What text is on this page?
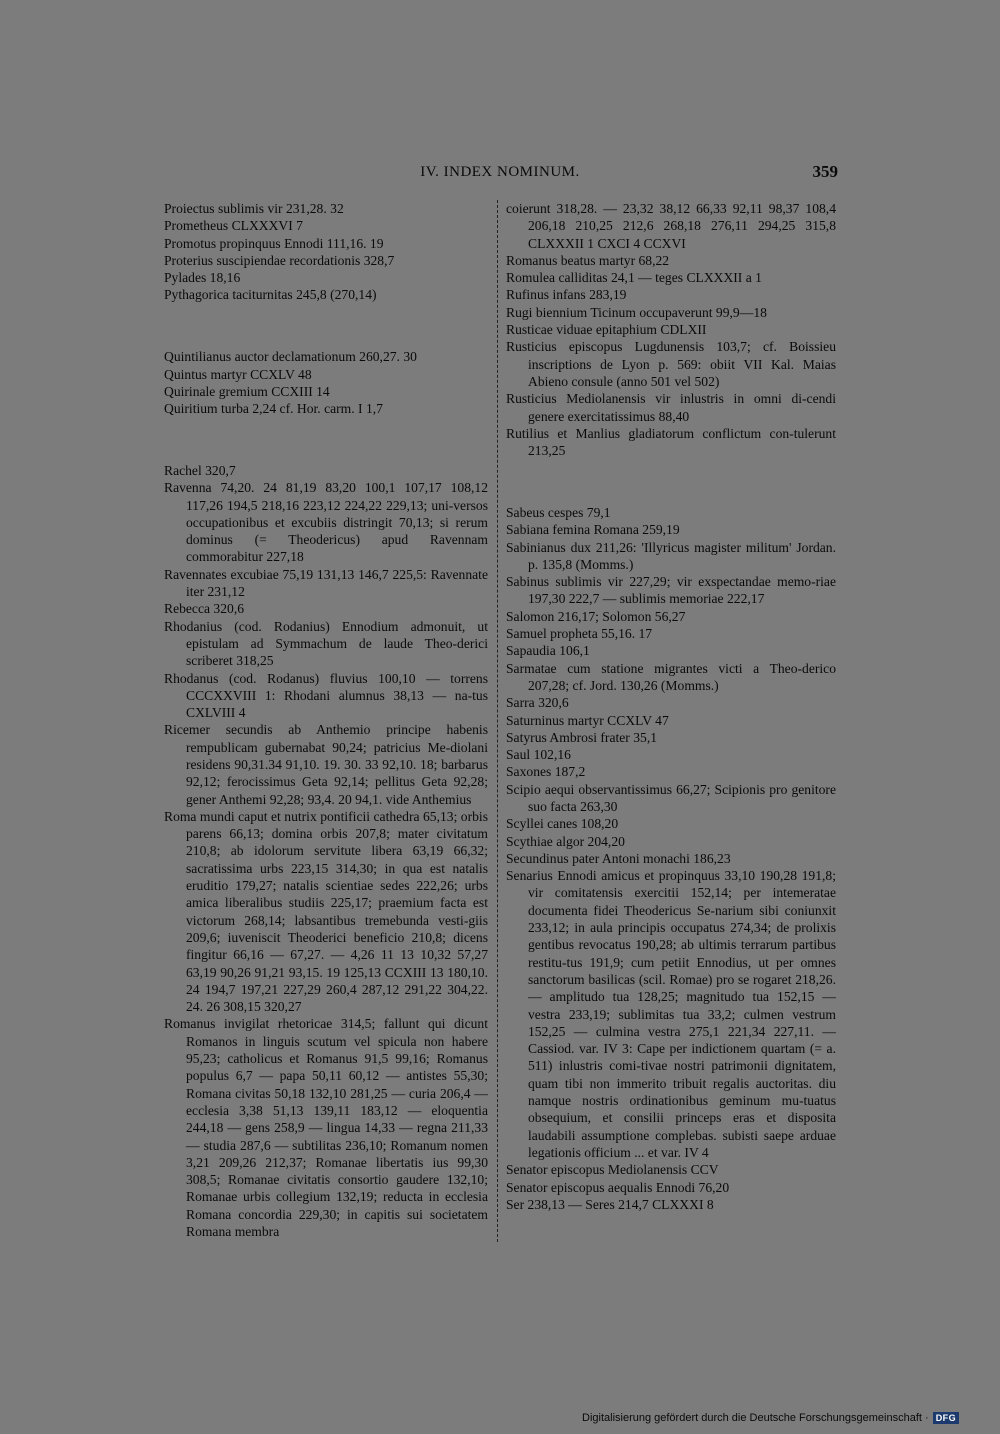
IV. INDEX NOMINUM.	359

Proiectus sublimis vir 231,28. 32

Prometheus CLXXXVI 7

Promotus propinquus Ennodi 111,16. 19

Proterius suscipiendae recordationis 328,7

Pylades 18,16

Pythagorica taciturnitas 245,8 (270,14)

Quintilianus auctor declamationum 260,27. 30

Quintus martyr CCXLV 48

Quirinale gremium CCXIII 14

Quiritium turba 2,24 cf. Hor. carm. I 1,7

Rachel 320,7

Ravenna 74,20. 24 81,19 83,20 100,1 107,17 108,12 117,26 194,5 218,16 223,12 224,22 229,13; uni-versos occupationibus et excubiis distringit 70,13; si rerum dominus (= Theodericus) apud Ravennam commorabitur 227,18

Ravennates excubiae 75,19 131,13 146,7 225,5: Ravennate iter 231,12

Rebecca 320,6

Rhodanius (cod. Rodanius) Ennodium admonuit, ut epistulam ad Symmachum de laude Theo-derici scriberet 318,25

Rhodanus (cod. Rodanus) fluvius 100,10 — torrens CCCXXVIII 1: Rhodani alumnus 38,13 — na-tus CXLVIII 4

Ricemer secundis ab Anthemio principe habenis rempublicam gubernabat 90,24; patricius Me-diolani residens 90,31.34 91,10. 19. 30. 33 92,10. 18; barbarus 92,12; ferocissimus Geta 92,14; pellitus Geta 92,28; gener Anthemi 92,28; 93,4. 20 94,1. vide Anthemius

Roma mundi caput et nutrix pontificii cathedra 65,13; orbis parens 66,13; domina orbis 207,8; mater civitatum 210,8; ab idolorum servitute libera 63,19 66,32; sacratissima urbs 223,15 314,30; in qua est natalis eruditio 179,27; natalis scientiae sedes 222,26; urbs amica liberalibus studiis 225,17; praemium facta est victorum 268,14; labsantibus tremebunda vesti-giis 209,6; iuveniscit Theoderici beneficio 210,8; dicens fingitur 66,16 — 67,27. — 4,26 11 13 10,32 57,27 63,19 90,26 91,21 93,15. 19 125,13 CCXIII 13 180,10. 24 194,7 197,21 227,29 260,4 287,12 291,22 304,22. 24. 26 308,15 320,27

Romanus invigilat rhetoricae 314,5; fallunt qui dicunt Romanos in linguis scutum vel spicula non habere 95,23; catholicus et Romanus 91,5 99,16; Romanus populus 6,7 — papa 50,11 60,12 — antistes 55,30; Romana civitas 50,18 132,10 281,25 — curia 206,4 — ecclesia 3,38 51,13 139,11 183,12 — eloquentia 244,18 — gens 258,9 — lingua 14,33 — regna 211,33 — studia 287,6 — subtilitas 236,10; Romanum nomen 3,21 209,26 212,37; Romanae libertatis ius 99,30 308,5; Romanae civitatis consortio gaudere 132,10; Romanae urbis collegium 132,19; reducta in ecclesia Romana concordia 229,30; in capitis sui societatem Romana membra

coierunt 318,28. — 23,32 38,12 66,33 92,11 98,37 108,4 206,18 210,25 212,6 268,18 276,11 294,25 315,8 CLXXXII 1 CXCI 4 CCXVI

Romanus beatus martyr 68,22

Romulea calliditas 24,1 — teges CLXXXII a 1

Rufinus infans 283,19

Rugi biennium Ticinum occupaverunt 99,9—18

Rusticae viduae epitaphium CDLXII

Rusticius episcopus Lugdunensis 103,7; cf. Boissieu inscriptions de Lyon p. 569: obiit VII Kal. Maias Abieno consule (anno 501 vel 502)

Rusticius Mediolanensis vir inlustris in omni di-cendi genere exercitatissimus 88,40

Rutilius et Manlius gladiatorum conflictum con-tulerunt 213,25

Sabeus cespes 79,1

Sabiana femina Romana 259,19

Sabinianus dux 211,26: 'Illyricus magister militum' Jordan. p. 135,8 (Momms.)

Sabinus sublimis vir 227,29; vir exspectandae memo-riae 197,30 222,7 — sublimis memoriae 222,17

Salomon 216,17; Solomon 56,27

Samuel propheta 55,16. 17

Sapaudia 106,1

Sarmatae cum statione migrantes victi a Theo-derico 207,28; cf. Jord. 130,26 (Momms.)

Sarra 320,6

Saturninus martyr CCXLV 47

Satyrus Ambrosi frater 35,1

Saul 102,16

Saxones 187,2

Scipio aequi observantissimus 66,27; Scipionis pro genitore suo facta 263,30

Scyllei canes 108,20

Scythiae algor 204,20

Secundinus pater Antoni monachi 186,23

Senarius Ennodi amicus et propinquus 33,10 190,28 191,8; vir comitatensis exercitii 152,14; per intemeratae documenta fidei Theodericus Se-narium sibi coniunxit 233,12; in aula principis occupatus 274,34; de prolixis gentibus revocatus 190,28; ab ultimis terrarum partibus restitu-tus 191,9; cum petiit Ennodius, ut per omnes sanctorum basilicas (scil. Romae) pro se rogaret 218,26. — amplitudo tua 128,25; magnitudo tua 152,15 — vestra 233,19; sublimitas tua 33,2; culmen vestrum 152,25 — culmina vestra 275,1 221,34 227,11. — Cassiod. var. IV 3: Cape per indictionem quartam (= a. 511) inlustris comi-tivae nostri patrimonii dignitatem, quam tibi non immerito tribuit regalis auctoritas. diu namque nostris ordinationibus geminum mu-tuatus obsequium, et consilii princeps eras et disposita laudabili assumptione complebas. subisti saepe arduae legationis officium ... et var. IV 4

Senator episcopus Mediolanensis CCV

Senator episcopus aequalis Ennodi 76,20

Ser 238,13 — Seres 214,7 CLXXXI 8

Digitalisierung gefördert durch die Deutsche Forschungsgemeinschaft · DFG
